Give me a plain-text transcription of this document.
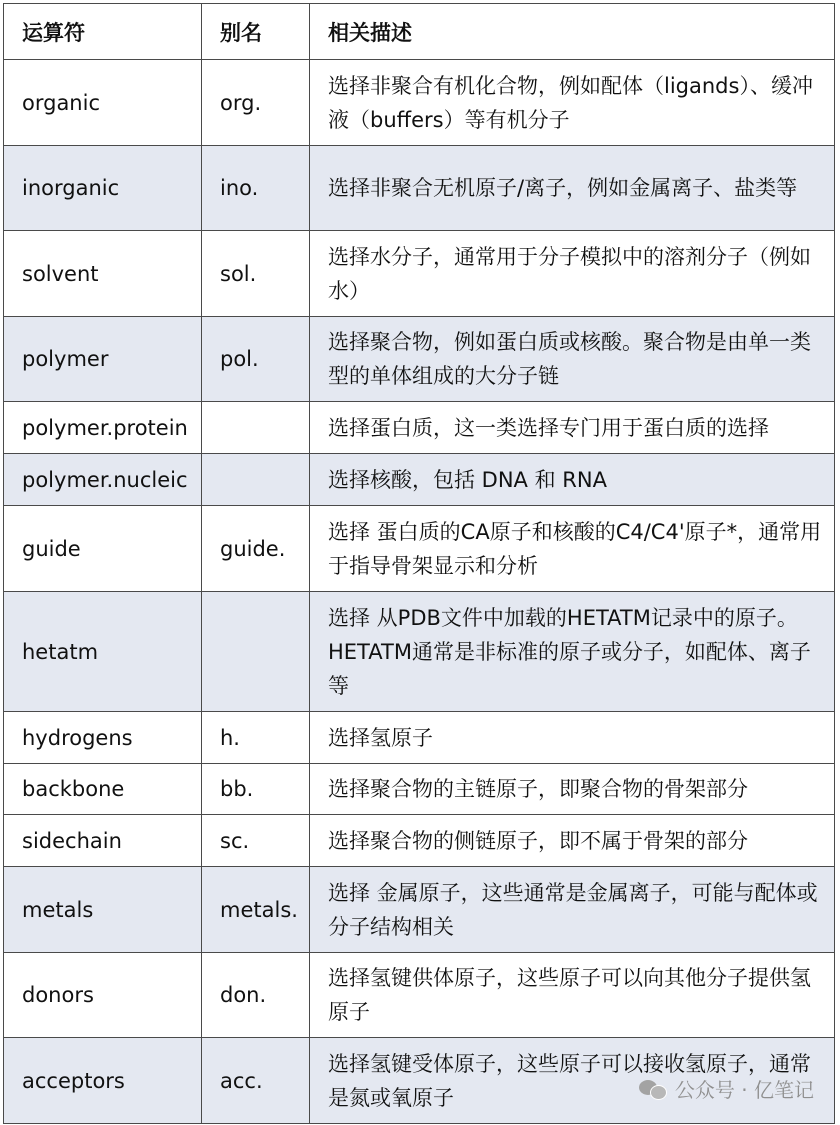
运算符	别名	相关描述
organic	org.	选择非聚合有机化合物，例如配体（ligands）、缓冲液（buffers）等有机分子
inorganic	ino.	选择非聚合无机原子/离子，例如金属离子、盐类等
solvent	sol.	选择水分子，通常用于分子模拟中的溶剂分子（例如水）
polymer	pol.	选择聚合物，例如蛋白质或核酸。聚合物是由单一类型的单体组成的大分子链
polymer.protein		选择蛋白质，这一类选择专门用于蛋白质的选择
polymer.nucleic		选择核酸，包括 DNA 和 RNA
guide	guide.	选择 蛋白质的CA原子和核酸的C4/C4'原子*，通常用于指导骨架显示和分析
hetatm		选择 从PDB文件中加载的HETATM记录中的原子。HETATM通常是非标准的原子或分子，如配体、离子等
hydrogens	h.	选择氢原子
backbone	bb.	选择聚合物的主链原子，即聚合物的骨架部分
sidechain	sc.	选择聚合物的侧链原子，即不属于骨架的部分
metals	metals.	选择 金属原子，这些通常是金属离子，可能与配体或分子结构相关
donors	don.	选择氢键供体原子，这些原子可以向其他分子提供氢原子
acceptors	acc.	选择氢键受体原子，这些原子可以接收氢原子，通常是氮或氧原子	公众号 · 亿笔记
